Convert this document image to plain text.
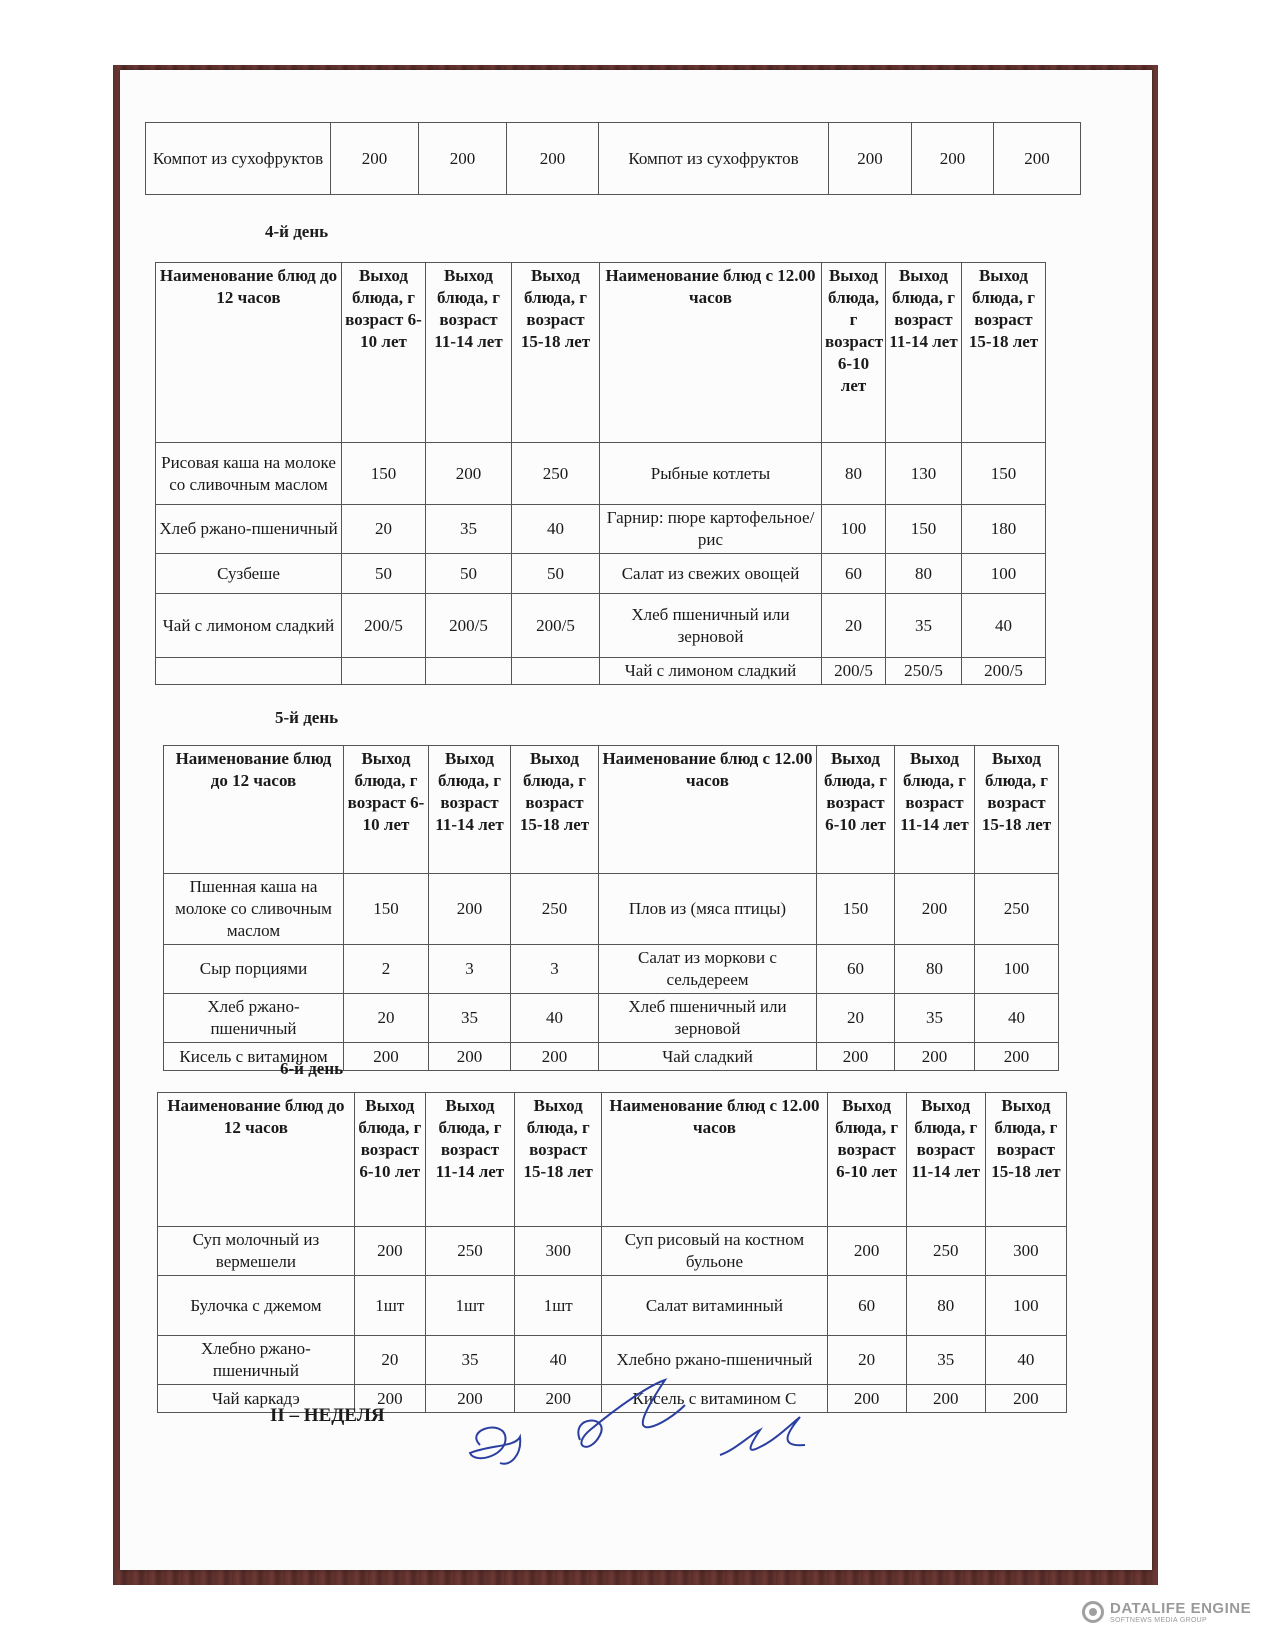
Компот из сухофруктов	200	200	200	Компот из сухофруктов	200	200	200
4-й день
Наименование блюд до 12 часов	Выход блюда, г возраст 6-10 лет	Выход блюда, г возраст 11-14 лет	Выход блюда, г возраст 15-18 лет	Наименование блюд с 12.00 часов	Выход блюда, г возраст 6-10 лет	Выход блюда, г возраст 11-14 лет	Выход блюда, г возраст 15-18 лет
Рисовая каша на молоке со сливочным маслом	150	200	250	Рыбные котлеты	80	130	150
Хлеб ржано-пшеничный	20	35	40	Гарнир: пюре картофельное/рис	100	150	180
Сузбеше	50	50	50	Салат из свежих овощей	60	80	100
Чай с лимоном сладкий	200/5	200/5	200/5	Хлеб пшеничный или зерновой	20	35	40
				Чай с лимоном сладкий	200/5	250/5	200/5
5-й день
Наименование блюд до 12 часов	Выход блюда, г возраст 6-10 лет	Выход блюда, г возраст 11-14 лет	Выход блюда, г возраст 15-18 лет	Наименование блюд с 12.00 часов	Выход блюда, г возраст 6-10 лет	Выход блюда, г возраст 11-14 лет	Выход блюда, г возраст 15-18 лет
Пшенная каша на молоке со сливочным маслом	150	200	250	Плов из (мяса птицы)	150	200	250
Сыр порциями	2	3	3	Салат из моркови с сельдереем	60	80	100
Хлеб ржано-пшеничный	20	35	40	Хлеб пшеничный или зерновой	20	35	40
Кисель с витамином	200	200	200	Чай сладкий	200	200	200
6-й день
Наименование блюд до 12 часов	Выход блюда, г возраст 6-10 лет	Выход блюда, г возраст 11-14 лет	Выход блюда, г возраст 15-18 лет	Наименование блюд с 12.00 часов	Выход блюда, г возраст 6-10 лет	Выход блюда, г возраст 11-14 лет	Выход блюда, г возраст 15-18 лет
Суп молочный из вермешели	200	250	300	Суп рисовый на костном бульоне	200	250	300
Булочка с джемом	1шт	1шт	1шт	Салат витаминный	60	80	100
Хлебно ржано-пшеничный	20	35	40	Хлебно ржано-пшеничный	20	35	40
Чай каркадэ	200	200	200	Кисель с витамином С	200	200	200
II – НЕДЕЛЯ
DATALIFE ENGINE
SOFTNEWS MEDIA GROUP
